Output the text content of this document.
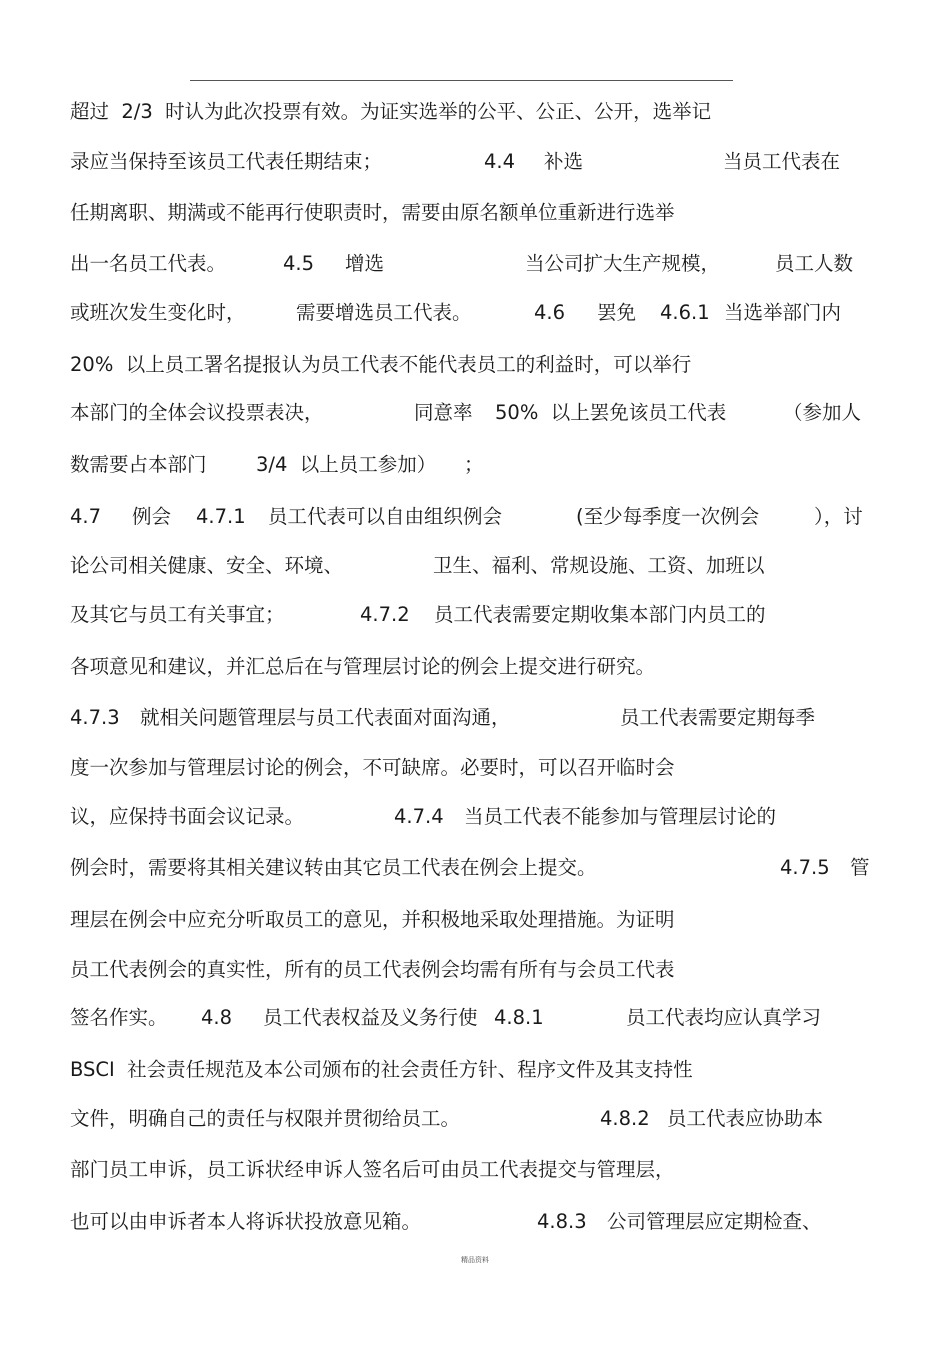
超过  2/3  时认为此次投票有效。为证实选举的公平、公正、公开，选举记
录应当保持至该员工代表任期结束；	4.4 补选	当员工代表在
任期离职、期满或不能再行使职责时，需要由原名额单位重新进行选举
出一名员工代表。	4.5 增选	当公司扩大生产规模，	员工人数
或班次发生变化时，	需要增选员工代表。	4.6 罢免 4.6.1 当选举部门内
20%  以上员工署名提报认为员工代表不能代表员工的利益时，可以举行
本部门的全体会议投票表决，	同意率 50%  以上罢免该员工代表	（参加人
数需要占本部门	3/4  以上员工参加） ；
4.7 例会 4.7.1 员工代表可以自由组织例会	(至少每季度一次例会	），讨
论公司相关健康、安全、环境、	卫生、福利、常规设施、工资、加班以
及其它与员工有关事宜；	4.7.2 员工代表需要定期收集本部门内员工的
各项意见和建议，并汇总后在与管理层讨论的例会上提交进行研究。
4.7.3 就相关问题管理层与员工代表面对面沟通，	员工代表需要定期每季
度一次参加与管理层讨论的例会，不可缺席。必要时，可以召开临时会
议，应保持书面会议记录。	4.7.4 当员工代表不能参加与管理层讨论的
例会时，需要将其相关建议转由其它员工代表在例会上提交。	4.7.5 管
理层在例会中应充分听取员工的意见，并积极地采取处理措施。为证明
员工代表例会的真实性，所有的员工代表例会均需有所有与会员工代表
签名作实。 4.8 员工代表权益及义务行使 4.8.1	员工代表均应认真学习
BSCI  社会责任规范及本公司颁布的社会责任方针、程序文件及其支持性
文件，明确自己的责任与权限并贯彻给员工。	4.8.2 员工代表应协助本
部门员工申诉，员工诉状经申诉人签名后可由员工代表提交与管理层，
也可以由申诉者本人将诉状投放意见箱。	4.8.3 公司管理层应定期检查、
精品资料
